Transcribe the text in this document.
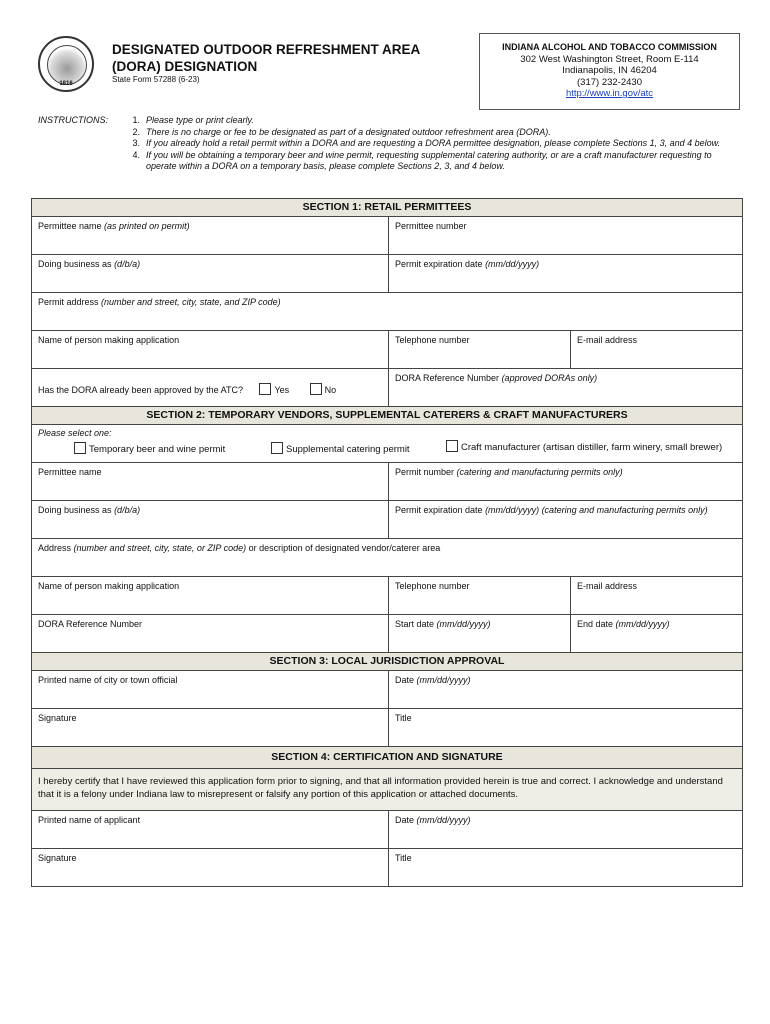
1816
DESIGNATED OUTDOOR REFRESHMENT AREA (DORA) DESIGNATION
State Form 57288 (6-23)
INDIANA ALCOHOL AND TOBACCO COMMISSION
302 West Washington Street, Room E-114
Indianapolis, IN 46204
(317) 232-2430
http://www.in.gov/atc
INSTRUCTIONS:	1. Please type or print clearly.
2. There is no charge or fee to be designated as part of a designated outdoor refreshment area (DORA).
3. If you already hold a retail permit within a DORA and are requesting a DORA permittee designation, please complete Sections 1, 3, and 4 below.
4. If you will be obtaining a temporary beer and wine permit, requesting supplemental catering authority, or are a craft manufacturer requesting to operate within a DORA on a temporary basis, please complete Sections 2, 3, and 4 below.
SECTION 1: RETAIL PERMITTEES
Permittee name (as printed on permit)	Permittee number
Doing business as (d/b/a)	Permit expiration date (mm/dd/yyyy)
Permit address (number and street, city, state, and ZIP code)
Name of person making application	Telephone number	E-mail address
Has the DORA already been approved by the ATC?	Yes	No
DORA Reference Number (approved DORAs only)
SECTION 2: TEMPORARY VENDORS, SUPPLEMENTAL CATERERS & CRAFT MANUFACTURERS
Please select one:
Temporary beer and wine permit	Supplemental catering permit	Craft manufacturer (artisan distiller, farm winery, small brewer)
Permittee name	Permit number (catering and manufacturing permits only)
Doing business as (d/b/a)	Permit expiration date (mm/dd/yyyy) (catering and manufacturing permits only)
Address (number and street, city, state, or ZIP code) or description of designated vendor/caterer area
Name of person making application	Telephone number	E-mail address
DORA Reference Number	Start date (mm/dd/yyyy)	End date (mm/dd/yyyy)
SECTION 3: LOCAL JURISDICTION APPROVAL
Printed name of city or town official	Date (mm/dd/yyyy)
Signature	Title
SECTION 4: CERTIFICATION AND SIGNATURE
I hereby certify that I have reviewed this application form prior to signing, and that all information provided herein is true and correct. I acknowledge and understand that it is a felony under Indiana law to misrepresent or falsify any portion of this application or attached documents.
Printed name of applicant	Date (mm/dd/yyyy)
Signature	Title
